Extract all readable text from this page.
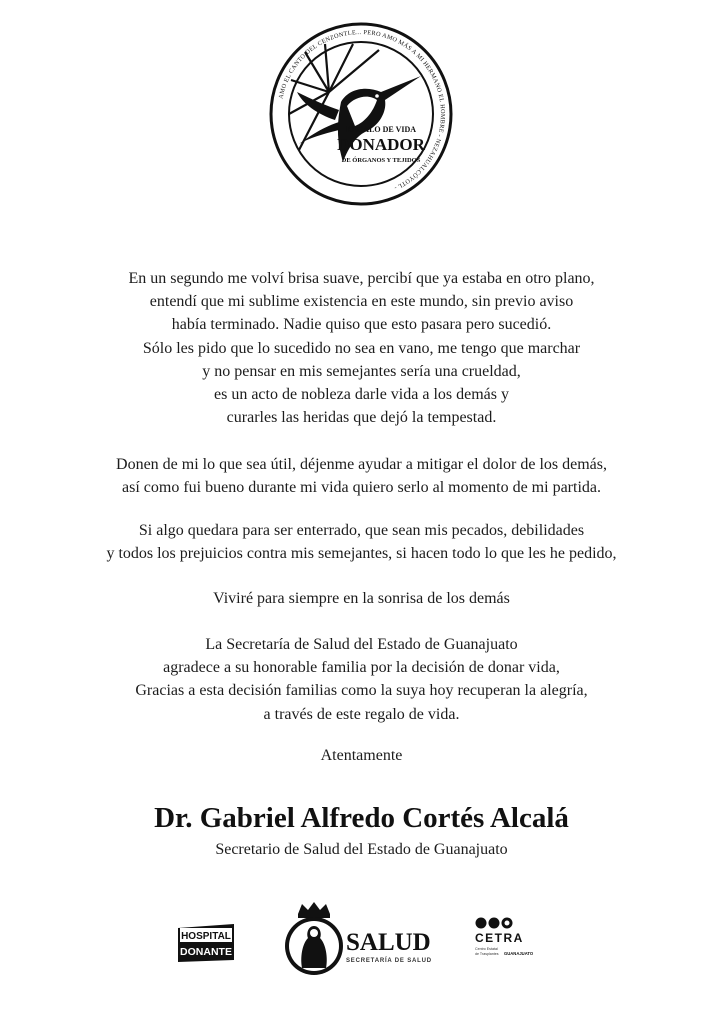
AMO EL CANTO DEL CENZONTLE... PERO AMO MÁS A MI HERMANO EL HOMBRE - NEZAHUALCÓYOTL -
REGALO DE VIDA
DONADOR
DE ÓRGANOS Y TEJIDOS
En un segundo me volví brisa suave, percibí que ya estaba en otro plano,
entendí que mi sublime existencia en este mundo, sin previo aviso
había terminado. Nadie quiso que esto pasara pero sucedió.
Sólo les pido que lo sucedido no sea en vano, me tengo que marchar
y no pensar en mis semejantes sería una crueldad,
es un acto de nobleza darle vida a los demás y
curarles las heridas que dejó la tempestad.
Donen de mi lo que sea útil, déjenme ayudar a mitigar el dolor de los demás,
así como fui bueno durante mi vida quiero serlo al momento de mi partida.
Si algo quedara para ser enterrado, que sean mis pecados, debilidades
y todos los prejuicios contra mis semejantes, si hacen todo lo que les he pedido,
Viviré para siempre en la sonrisa de los demás
La Secretaría de Salud del Estado de Guanajuato
agradece a su honorable familia por la decisión de donar vida,
Gracias a esta decisión familias como la suya hoy recuperan la alegría,
a través de este regalo de vida.
Atentamente
Dr. Gabriel Alfredo Cortés Alcalá
Secretario de Salud del Estado de Guanajuato
HOSPITAL
DONANTE	SALUD
SECRETARÍA DE SALUD
CETRA
Centro Estatal
de Trasplantes GUANAJUATO
